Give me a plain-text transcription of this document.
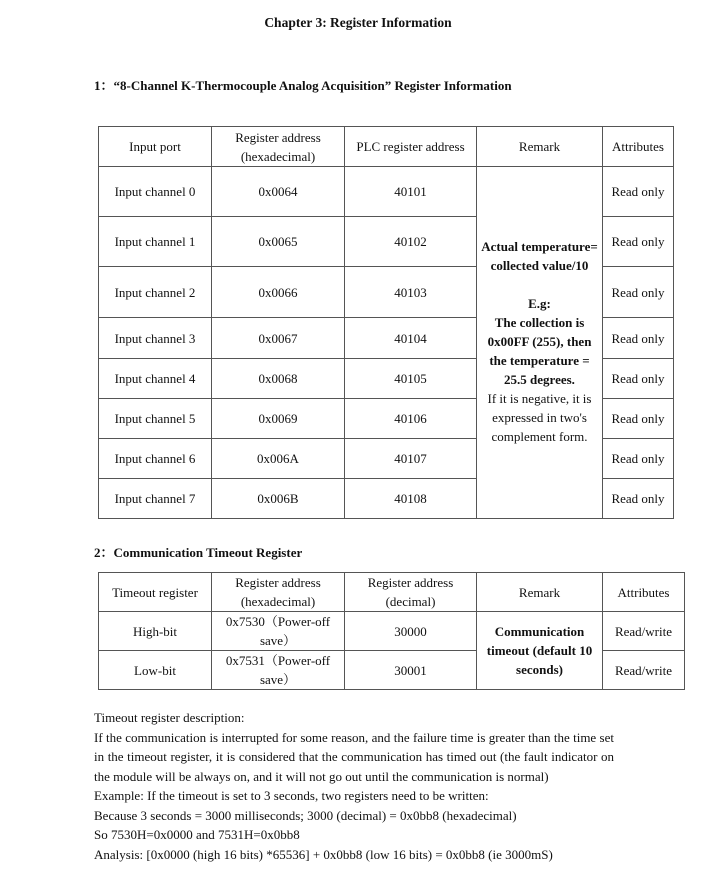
Chapter 3: Register Information
1：“8-Channel K-Thermocouple Analog Acquisition” Register Information
Input port	Register address (hexadecimal)	PLC register address	Remark	Attributes
Input channel 0	0x0064	40101	Actual temperature=collected value/10
E.g:
The collection is 0x00FF (255), then the temperature = 25.5 degrees.
If it is negative, it is expressed in two's complement form.	Read only
Input channel 1	0x0065	40102		Read only
Input channel 2	0x0066	40103		Read only
Input channel 3	0x0067	40104		Read only
Input channel 4	0x0068	40105		Read only
Input channel 5	0x0069	40106		Read only
Input channel 6	0x006A	40107		Read only
Input channel 7	0x006B	40108		Read only
2：Communication Timeout Register
Timeout register	Register address (hexadecimal)	Register address (decimal)	Remark	Attributes
High-bit	0x7530（Power-off save）	30000	Communication timeout (default 10 seconds)	Read/write
Low-bit	0x7531（Power-off save）	30001		Read/write

Timeout register description:

If the communication is interrupted for some reason, and the failure time is greater than the time set in the timeout register, it is considered that the communication has timed out (the fault indicator on the module will be always on, and it will not go out until the communication is normal)

Example: If the timeout is set to 3 seconds, two registers need to be written:

Because 3 seconds = 3000 milliseconds; 3000 (decimal) = 0x0bb8 (hexadecimal)

So 7530H=0x0000 and 7531H=0x0bb8

Analysis: [0x0000 (high 16 bits) *65536] + 0x0bb8 (low 16 bits) = 0x0bb8 (ie 3000mS)
